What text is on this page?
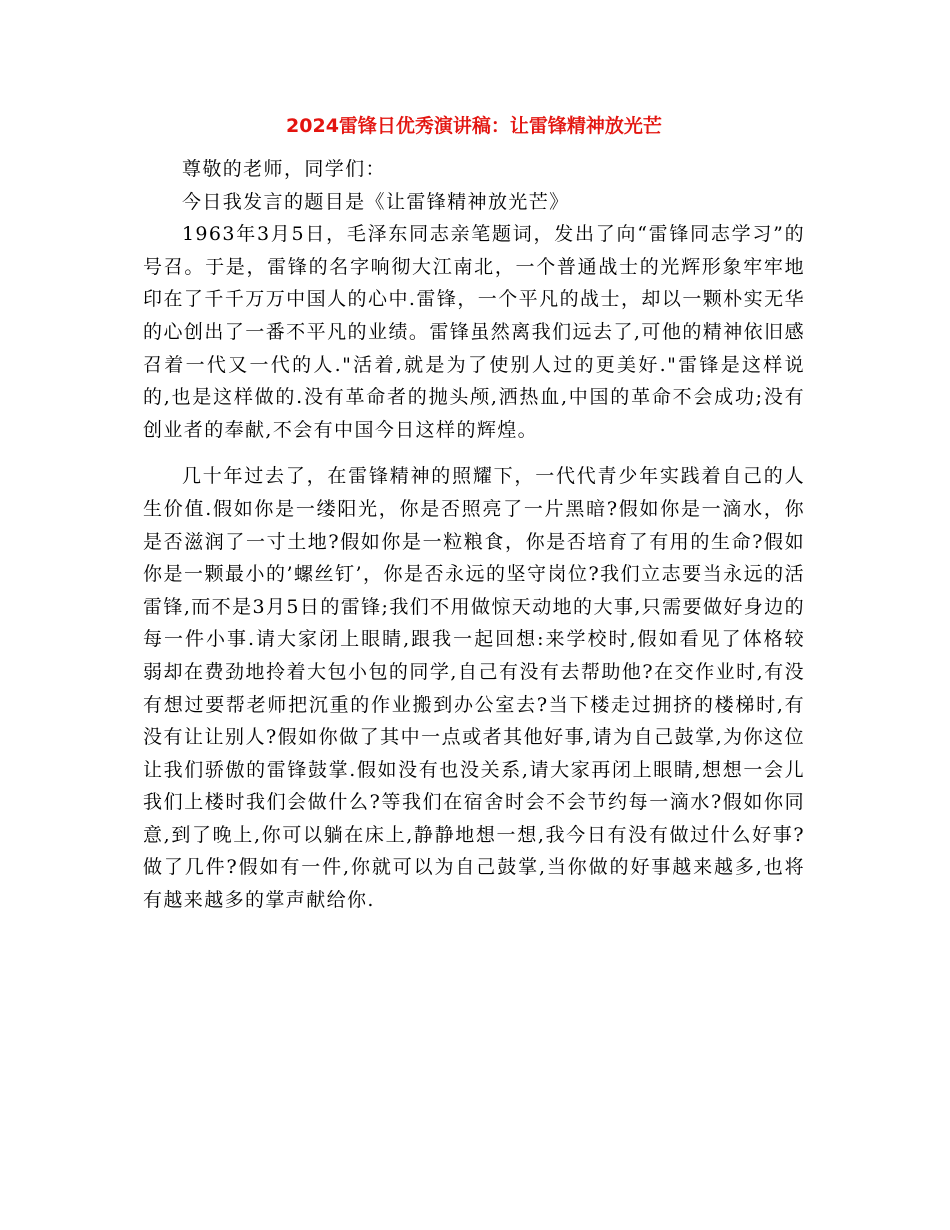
2024雷锋日优秀演讲稿：让雷锋精神放光芒

尊敬的老师，同学们：

今日我发言的题目是《让雷锋精神放光芒》

1963年3月5日，毛泽东同志亲笔题词，发出了向“雷锋同志学习”的号召。于是，雷锋的名字响彻大江南北，一个普通战士的光辉形象牢牢地印在了千千万万中国人的心中.雷锋，一个平凡的战士，却以一颗朴实无华的心创出了一番不平凡的业绩。雷锋虽然离我们远去了,可他的精神依旧感召着一代又一代的人."活着,就是为了使别人过的更美好."雷锋是这样说的,也是这样做的.没有革命者的抛头颅,洒热血,中国的革命不会成功;没有创业者的奉献,不会有中国今日这样的辉煌。

几十年过去了，在雷锋精神的照耀下，一代代青少年实践着自己的人生价值.假如你是一缕阳光，你是否照亮了一片黑暗?假如你是一滴水，你是否滋润了一寸土地?假如你是一粒粮食，你是否培育了有用的生命?假如你是一颗最小的’螺丝钉’，你是否永远的坚守岗位?我们立志要当永远的活雷锋,而不是3月5日的雷锋;我们不用做惊天动地的大事,只需要做好身边的每一件小事.请大家闭上眼睛,跟我一起回想:来学校时,假如看见了体格较弱却在费劲地拎着大包小包的同学,自己有没有去帮助他?在交作业时,有没有想过要帮老师把沉重的作业搬到办公室去?当下楼走过拥挤的楼梯时,有没有让让别人?假如你做了其中一点或者其他好事,请为自己鼓掌,为你这位让我们骄傲的雷锋鼓掌.假如没有也没关系,请大家再闭上眼睛,想想一会儿我们上楼时我们会做什么?等我们在宿舍时会不会节约每一滴水?假如你同意,到了晚上,你可以躺在床上,静静地想一想,我今日有没有做过什么好事?做了几件?假如有一件,你就可以为自己鼓掌,当你做的好事越来越多,也将有越来越多的掌声献给你.
